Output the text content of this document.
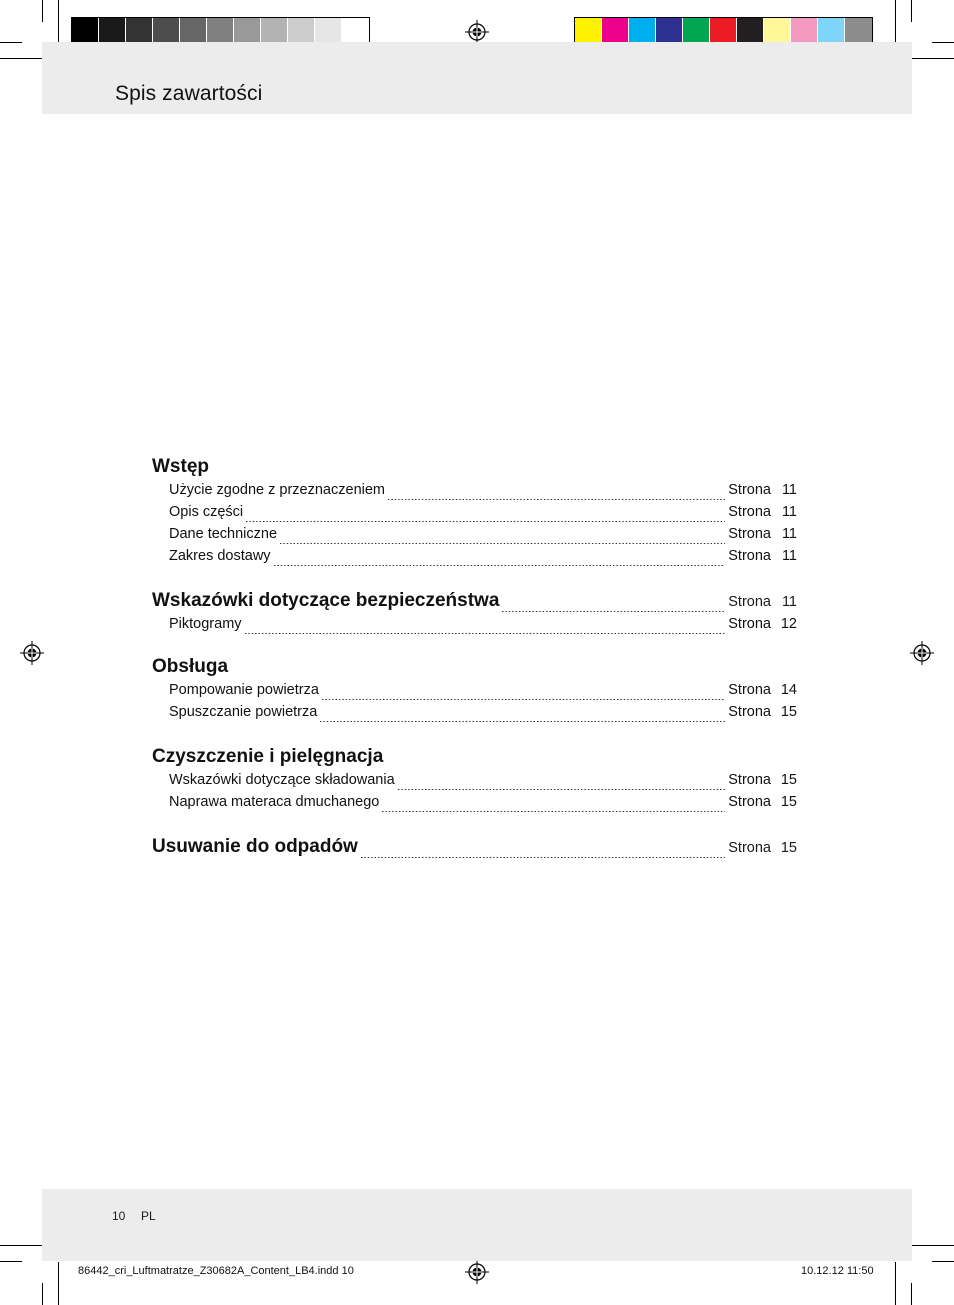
Spis zawartości
Wstęp
Użycie zgodne z przeznaczeniem	Strona 11
Opis części	Strona 11
Dane techniczne	Strona 11
Zakres dostawy	Strona 11
Wskazówki dotyczące bezpieczeństwa	Strona 11
Piktogramy	Strona 12
Obsługa
Pompowanie powietrza	Strona 14
Spuszczanie powietrza	Strona 15
Czyszczenie i pielęgnacja
Wskazówki dotyczące składowania	Strona 15
Naprawa materaca dmuchanego	Strona 15
Usuwanie do odpadów	Strona 15
10 PL
86442_cri_Luftmatratze_Z30682A_Content_LB4.indd 10	10.12.12 11:50
